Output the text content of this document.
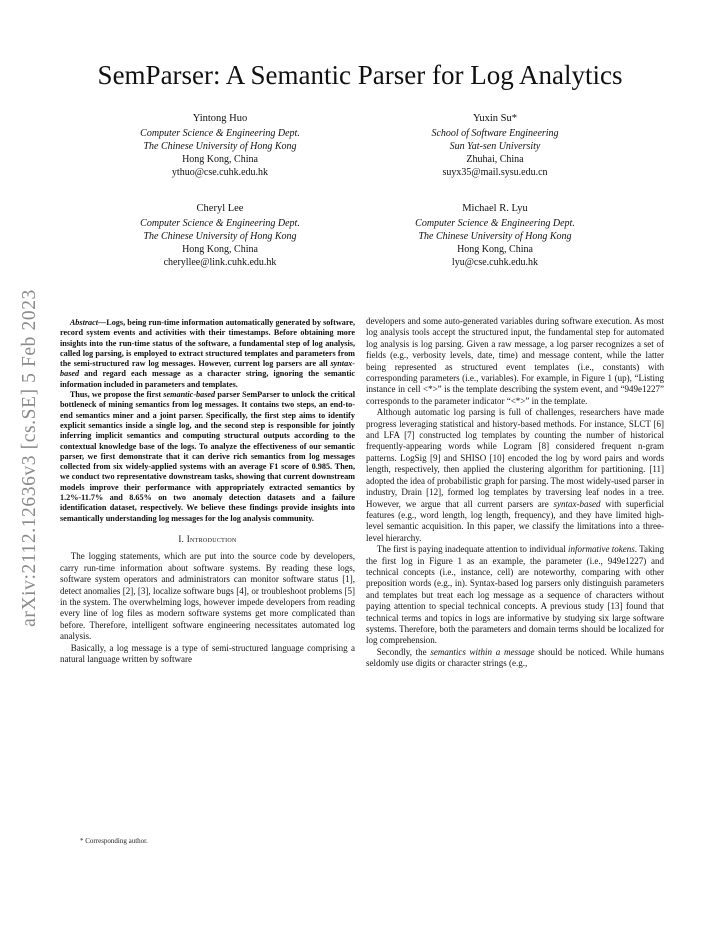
arXiv:2112.12636v3 [cs.SE] 5 Feb 2023
SemParser: A Semantic Parser for Log Analytics
Yintong Huo
Computer Science & Engineering Dept.
The Chinese University of Hong Kong
Hong Kong, China
ythuo@cse.cuhk.edu.hk
Yuxin Su*
School of Software Engineering
Sun Yat-sen University
Zhuhai, China
suyx35@mail.sysu.edu.cn
Cheryl Lee
Computer Science & Engineering Dept.
The Chinese University of Hong Kong
Hong Kong, China
cheryllee@link.cuhk.edu.hk
Michael R. Lyu
Computer Science & Engineering Dept.
The Chinese University of Hong Kong
Hong Kong, China
lyu@cse.cuhk.edu.hk

Abstract—Logs, being run-time information automatically generated by software, record system events and activities with their timestamps. Before obtaining more insights into the run-time status of the software, a fundamental step of log analysis, called log parsing, is employed to extract structured templates and parameters from the semi-structured raw log messages. However, current log parsers are all syntax-based and regard each message as a character string, ignoring the semantic information included in parameters and templates.

Thus, we propose the first semantic-based parser SemParser to unlock the critical bottleneck of mining semantics from log messages. It contains two steps, an end-to-end semantics miner and a joint parser. Specifically, the first step aims to identify explicit semantics inside a single log, and the second step is responsible for jointly inferring implicit semantics and computing structural outputs according to the contextual knowledge base of the logs. To analyze the effectiveness of our semantic parser, we first demonstrate that it can derive rich semantics from log messages collected from six widely-applied systems with an average F1 score of 0.985. Then, we conduct two representative downstream tasks, showing that current downstream models improve their performance with appropriately extracted semantics by 1.2%-11.7% and 8.65% on two anomaly detection datasets and a failure identification dataset, respectively. We believe these findings provide insights into semantically understanding log messages for the log analysis community.

I. Introduction

The logging statements, which are put into the source code by developers, carry run-time information about software systems. By reading these logs, software system operators and administrators can monitor software status [1], detect anomalies [2], [3], localize software bugs [4], or troubleshoot problems [5] in the system. The overwhelming logs, however impede developers from reading every line of log files as modern software systems get more complicated than before. Therefore, intelligent software engineering necessitates automated log analysis.

Basically, a log message is a type of semi-structured language comprising a natural language written by software

* Corresponding author.

developers and some auto-generated variables during software execution. As most log analysis tools accept the structured input, the fundamental step for automated log analysis is log parsing. Given a raw message, a log parser recognizes a set of fields (e.g., verbosity levels, date, time) and message content, while the latter being represented as structured event templates (i.e., constants) with corresponding parameters (i.e., variables). For example, in Figure 1 (up), “Listing instance in cell <*>” is the template describing the system event, and “949e1227” corresponds to the parameter indicator “<*>” in the template.

Although automatic log parsing is full of challenges, researchers have made progress leveraging statistical and history-based methods. For instance, SLCT [6] and LFA [7] constructed log templates by counting the number of historical frequently-appearing words while Logram [8] considered frequent n-gram patterns. LogSig [9] and SHISO [10] encoded the log by word pairs and words length, respectively, then applied the clustering algorithm for partitioning. [11] adopted the idea of probabilistic graph for parsing. The most widely-used parser in industry, Drain [12], formed log templates by traversing leaf nodes in a tree. However, we argue that all current parsers are syntax-based with superficial features (e.g., word length, log length, frequency), and they have limited high-level semantic acquisition. In this paper, we classify the limitations into a three-level hierarchy.

The first is paying inadequate attention to individual informative tokens. Taking the first log in Figure 1 as an example, the parameter (i.e., 949e1227) and technical concepts (i.e., instance, cell) are noteworthy, comparing with other preposition words (e.g., in). Syntax-based log parsers only distinguish parameters and templates but treat each log message as a sequence of characters without paying attention to special technical concepts. A previous study [13] found that technical terms and topics in logs are informative by studying six large software systems. Therefore, both the parameters and domain terms should be localized for log comprehension.

Secondly, the semantics within a message should be noticed. While humans seldomly use digits or character strings (e.g.,
